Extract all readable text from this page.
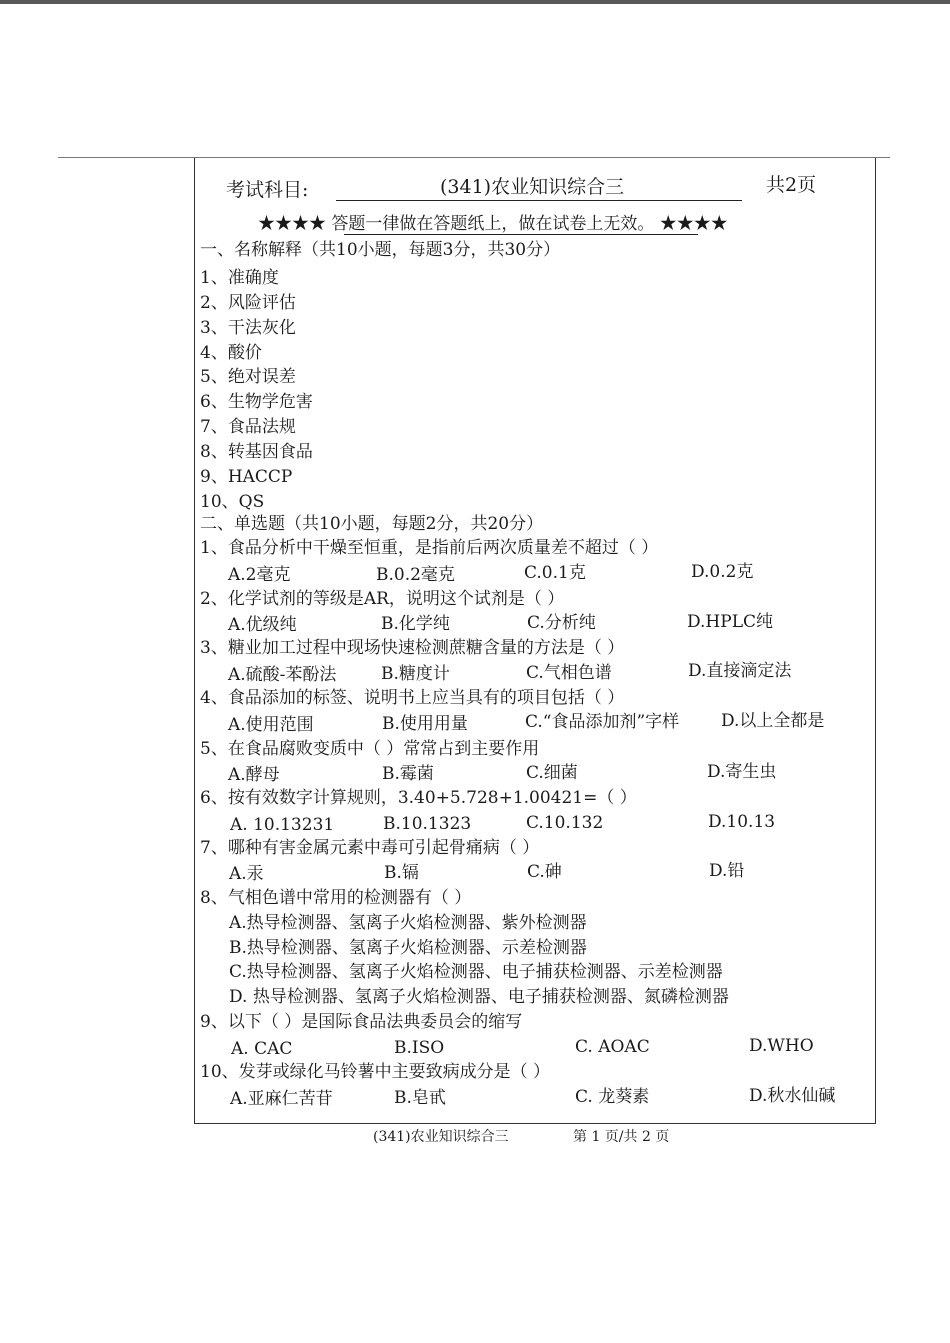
考试科目:	(341)农业知识综合三	共2页
★★★★ 答题一律做在答题纸上，做在试卷上无效。 ★★★★
一、名称解释（共10小题，每题3分，共30分）
1、准确度
2、风险评估
3、干法灰化
4、酸价
5、绝对误差
6、生物学危害
7、食品法规
8、转基因食品
9、HACCP
10、QS
二、单选题（共10小题，每题2分，共20分）
1、食品分析中干燥至恒重，是指前后两次质量差不超过（ ）
A.2毫克	B.0.2毫克	C.0.1克	D.0.2克
2、化学试剂的等级是AR，说明这个试剂是（ ）
A.优级纯	B.化学纯	C.分析纯	D.HPLC纯
3、糖业加工过程中现场快速检测蔗糖含量的方法是（ ）
A.硫酸-苯酚法	B.糖度计	C.气相色谱	D.直接滴定法
4、食品添加的标签、说明书上应当具有的项目包括（ ）
A.使用范围	B.使用用量	C.“食品添加剂”字样 D.以上全都是
5、在食品腐败变质中（ ）常常占到主要作用
A.酵母	B.霉菌	C.细菌	D.寄生虫
6、按有效数字计算规则，3.40+5.728+1.00421=（ ）
A. 10.13231	B.10.1323	C.10.132	D.10.13
7、哪种有害金属元素中毒可引起骨痛病（ ）
A.汞	B.镉	C.砷	D.铅
8、气相色谱中常用的检测器有（ ）
A.热导检测器、氢离子火焰检测器、紫外检测器
B.热导检测器、氢离子火焰检测器、示差检测器
C.热导检测器、氢离子火焰检测器、电子捕获检测器、示差检测器
D. 热导检测器、氢离子火焰检测器、电子捕获检测器、氮磷检测器
9、以下（ ）是国际食品法典委员会的缩写
A. CAC	B.ISO	C. AOAC	D.WHO
10、发芽或绿化马铃薯中主要致病成分是（ ）
A.亚麻仁苦苷	B.皂甙	C. 龙葵素	D.秋水仙碱
(341)农业知识综合三	第 1 页/共 2 页
